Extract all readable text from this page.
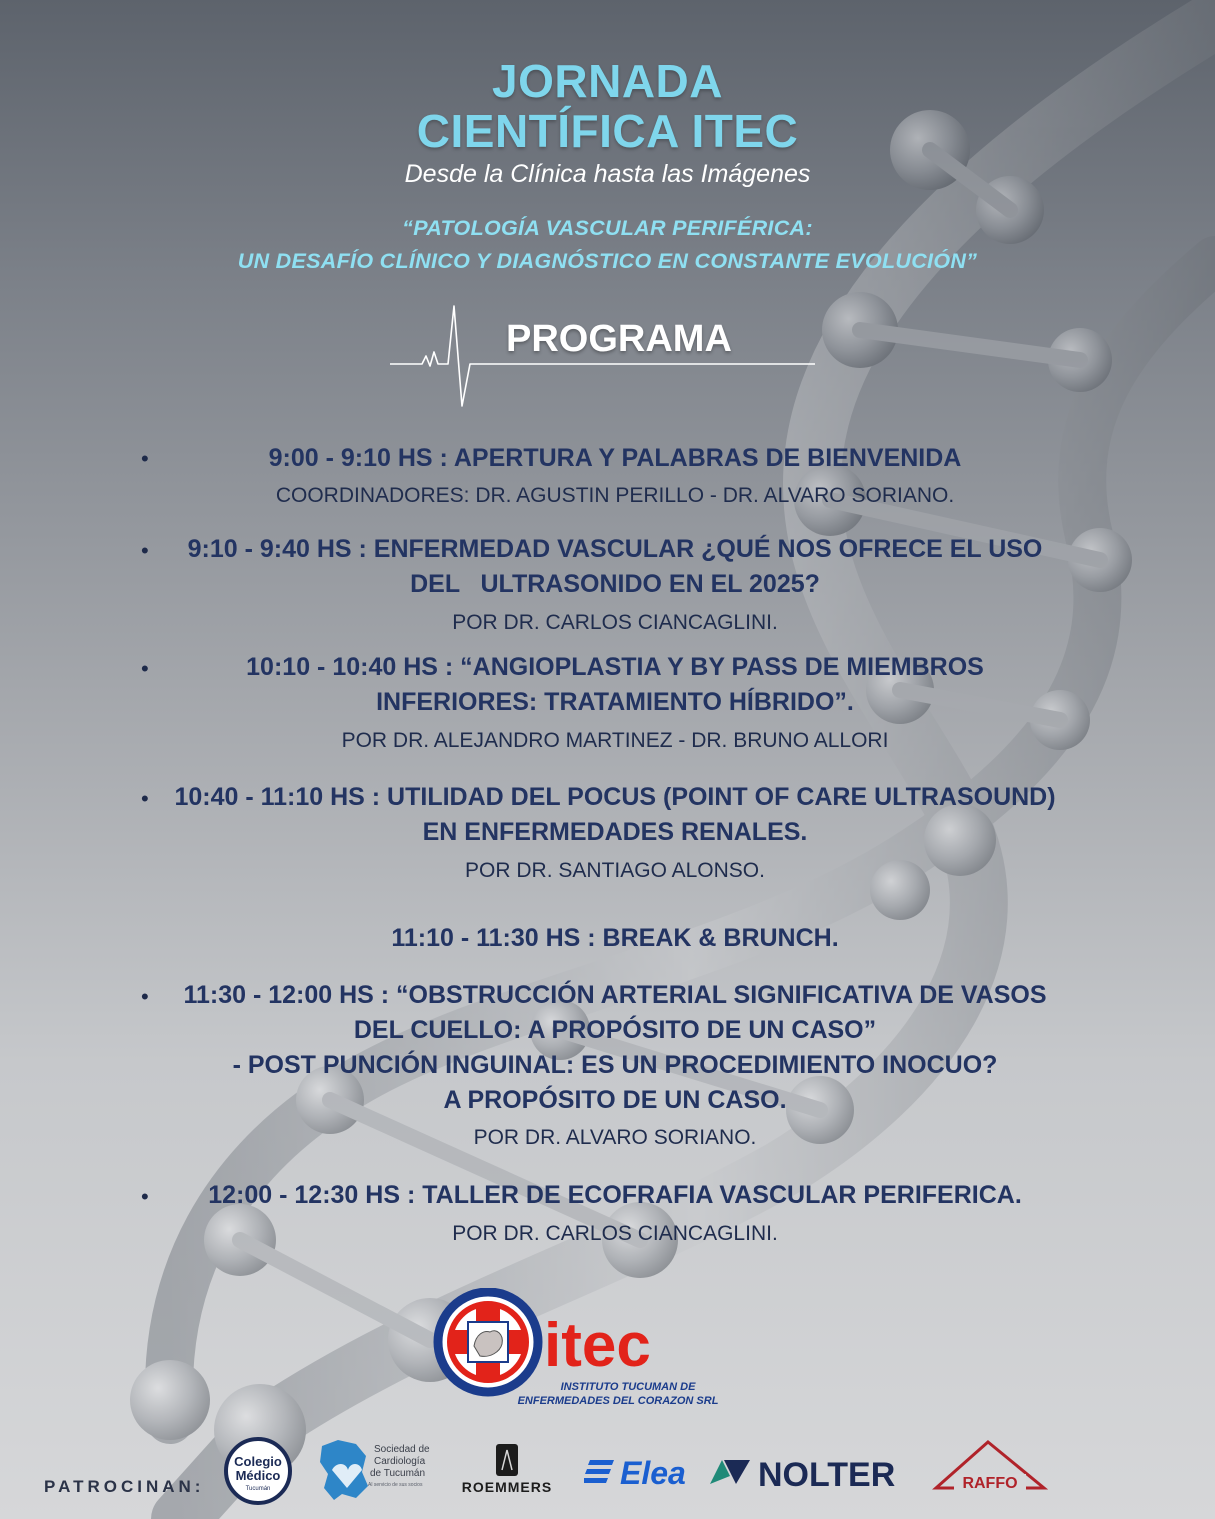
JORNADA
CIENTÍFICA ITEC
Desde la Clínica hasta las Imágenes
“PATOLOGÍA VASCULAR PERIFÉRICA:
UN DESAFÍO CLÍNICO Y DIAGNÓSTICO EN CONSTANTE EVOLUCIÓN”
PROGRAMA
•	9:00 - 9:10 HS : APERTURA Y PALABRAS DE BIENVENIDA
COORDINADORES: DR. AGUSTIN PERILLO - DR. ALVARO SORIANO.
•	9:10 - 9:40 HS : ENFERMEDAD VASCULAR ¿QUÉ NOS OFRECE EL USO
DEL   ULTRASONIDO EN EL 2025?
POR DR. CARLOS CIANCAGLINI.
•	10:10 - 10:40 HS : “ANGIOPLASTIA Y BY PASS DE MIEMBROS
INFERIORES: TRATAMIENTO HÍBRIDO”.
POR DR. ALEJANDRO MARTINEZ - DR. BRUNO ALLORI
•	10:40 - 11:10 HS : UTILIDAD DEL POCUS (POINT OF CARE ULTRASOUND)
EN ENFERMEDADES RENALES.
POR DR. SANTIAGO ALONSO.
11:10 - 11:30 HS : BREAK & BRUNCH.
•	11:30 - 12:00 HS : “OBSTRUCCIÓN ARTERIAL SIGNIFICATIVA DE VASOS
DEL CUELLO: A PROPÓSITO DE UN CASO”
- POST PUNCIÓN INGUINAL: ES UN PROCEDIMIENTO INOCUO?
A PROPÓSITO DE UN CASO.
POR DR. ALVARO SORIANO.
•	12:00 - 12:30 HS : TALLER DE ECOFRAFIA VASCULAR PERIFERICA.
POR DR. CARLOS CIANCAGLINI.
itec
INSTITUTO TUCUMAN DE
ENFERMEDADES DEL CORAZON SRL
PATROCINAN:
Colegio
Médico
Tucumán
Sociedad de
Cardiología
de Tucumán
Al servicio de sus socios	ROEMMERS Elea NOLTER	RAFFO
